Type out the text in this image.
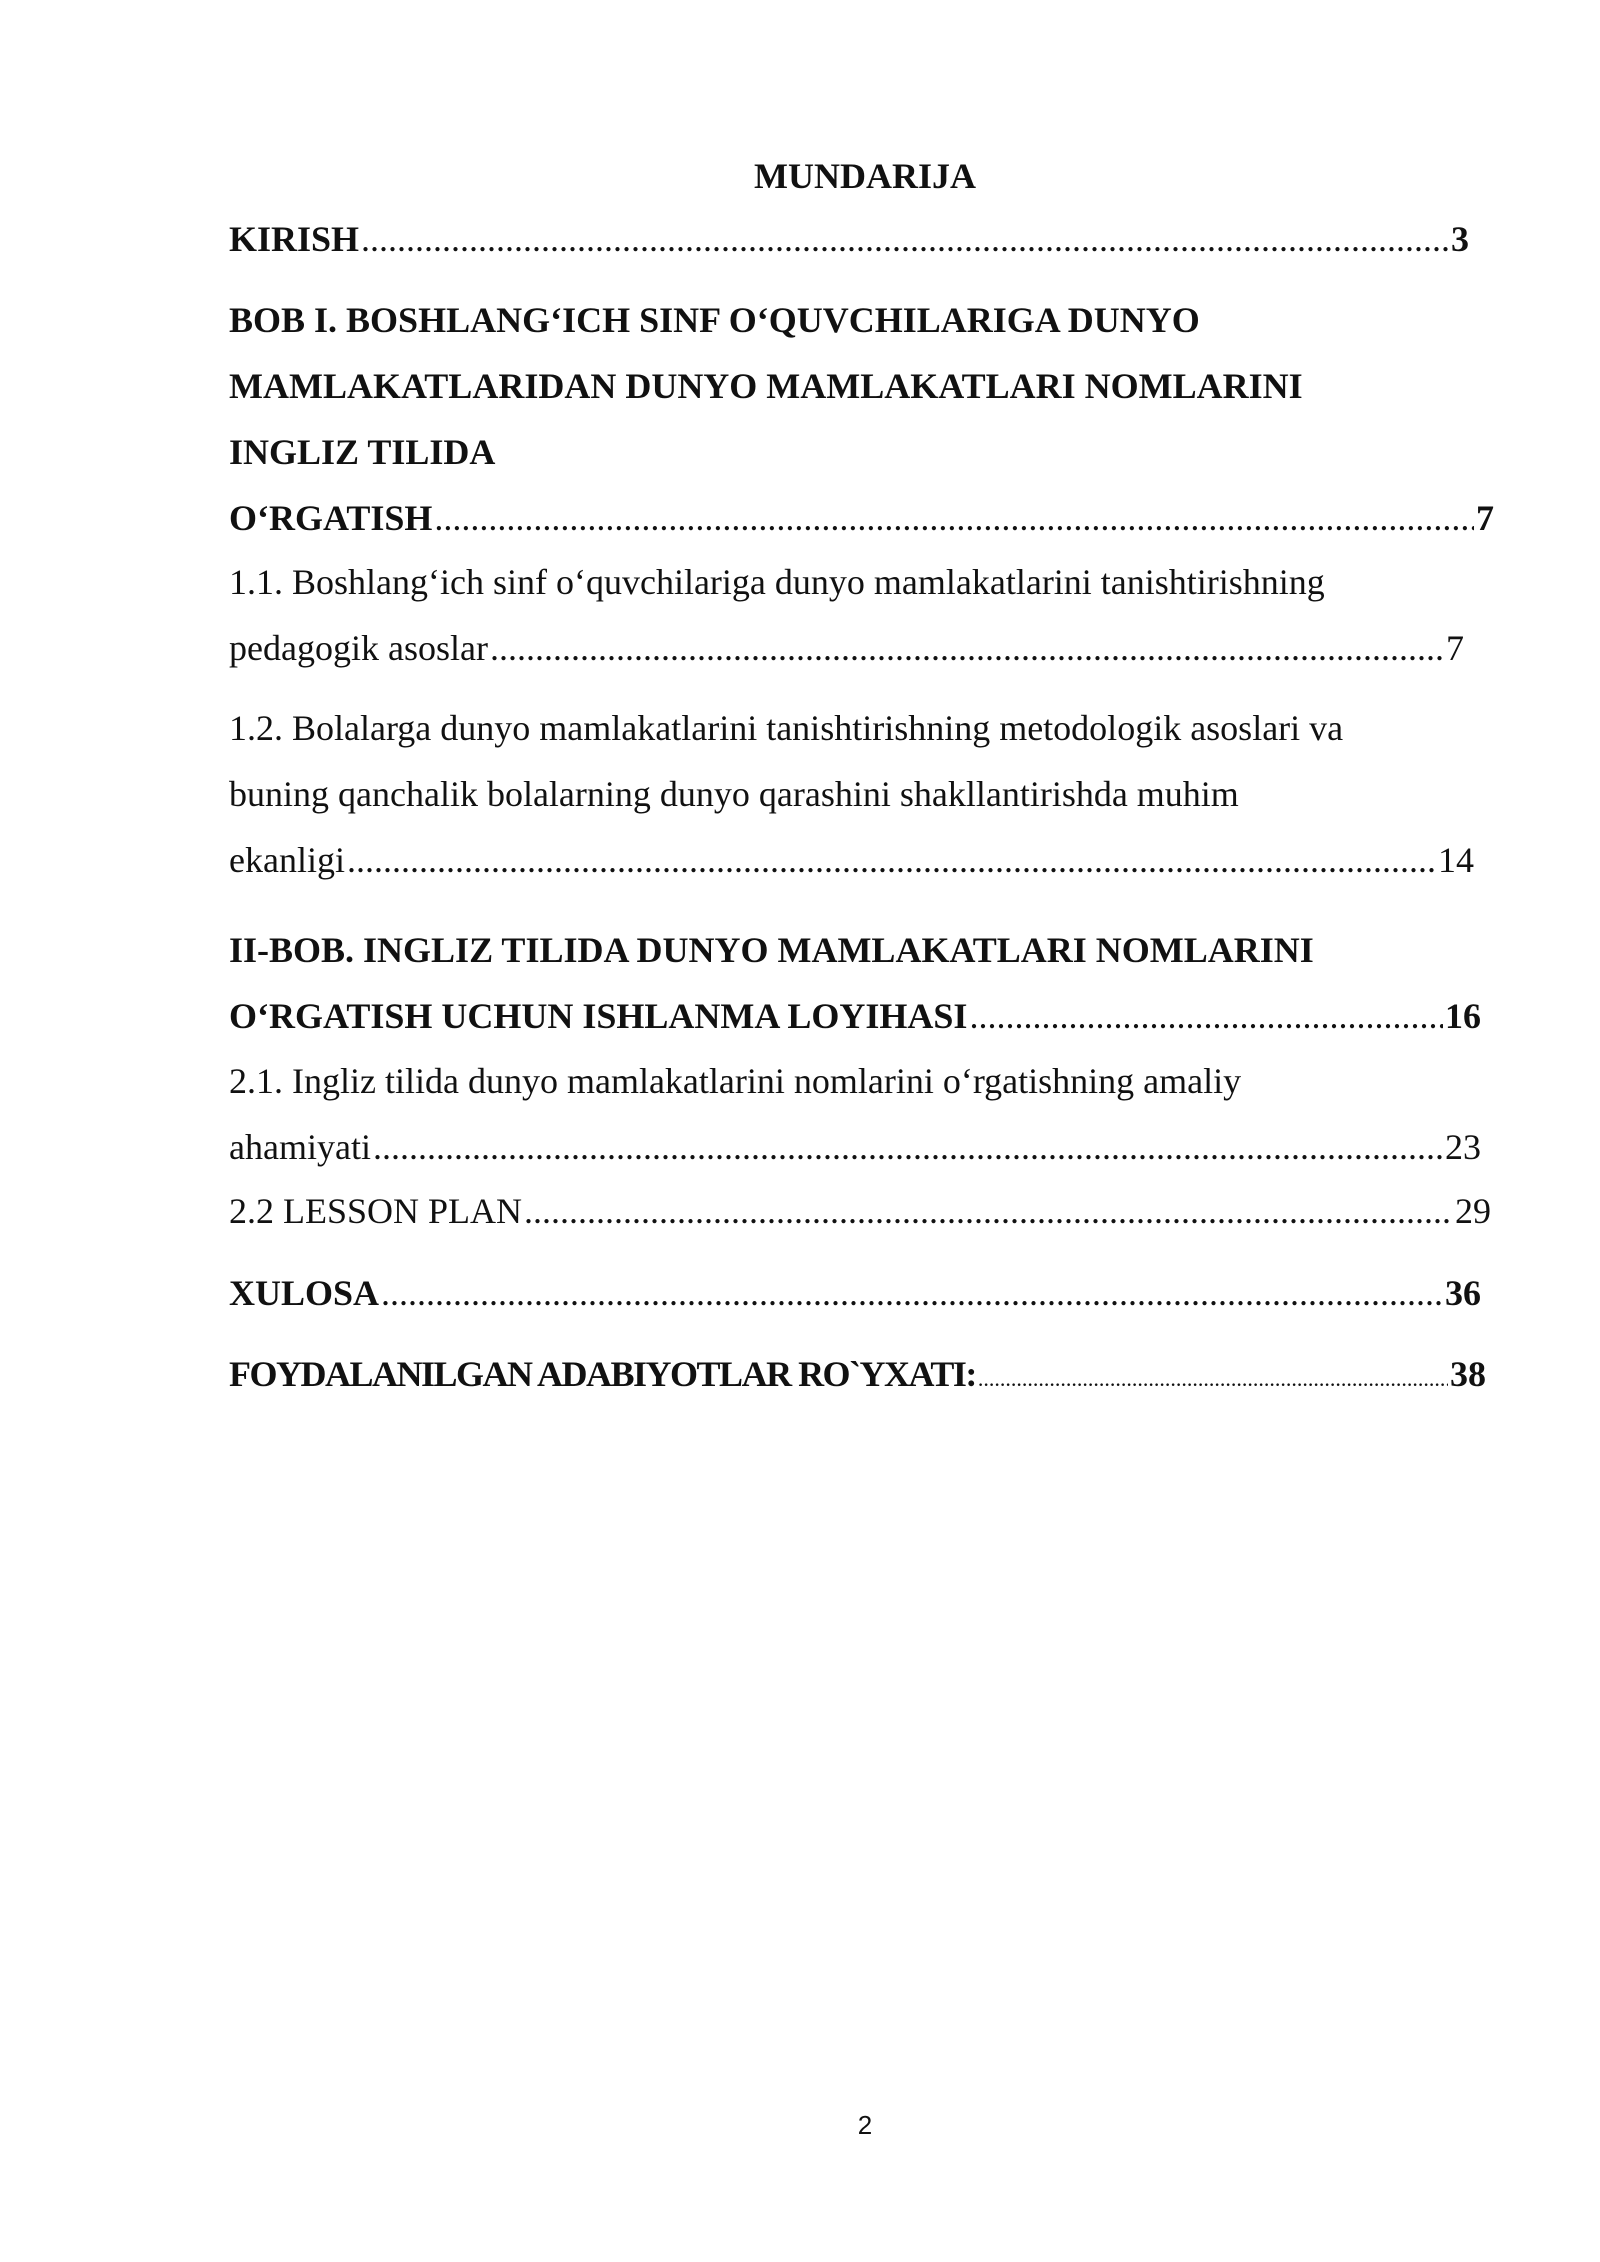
MUNDARIJA
KIRISH .....	3
BOB I. BOSHLANG‘ICH SINF O‘QUVCHILARIGA DUNYO
MAMLAKATLARIDAN DUNYO MAMLAKATLARI NOMLARINI
INGLIZ TILIDA
O‘RGATISH .....	7
1.1. Boshlang‘ich sinf o‘quvchilariga dunyo mamlakatlarini tanishtirishning
pedagogik asoslar .....	7
1.2. Bolalarga dunyo mamlakatlarini tanishtirishning metodologik asoslari va
buning qanchalik bolalarning dunyo qarashini shakllantirishda muhim
ekanligi .....	14
II-BOB. INGLIZ TILIDA DUNYO MAMLAKATLARI NOMLARINI
O‘RGATISH UCHUN ISHLANMA LOYIHASI .....	16
2.1. Ingliz tilida dunyo mamlakatlarini nomlarini o‘rgatishning amaliy
ahamiyati .....	23
2.2 LESSON PLAN .....	29
XULOSA .....	36
FOYDALANILGAN ADABIYOTLAR RO`YXATI: .....	38
2
